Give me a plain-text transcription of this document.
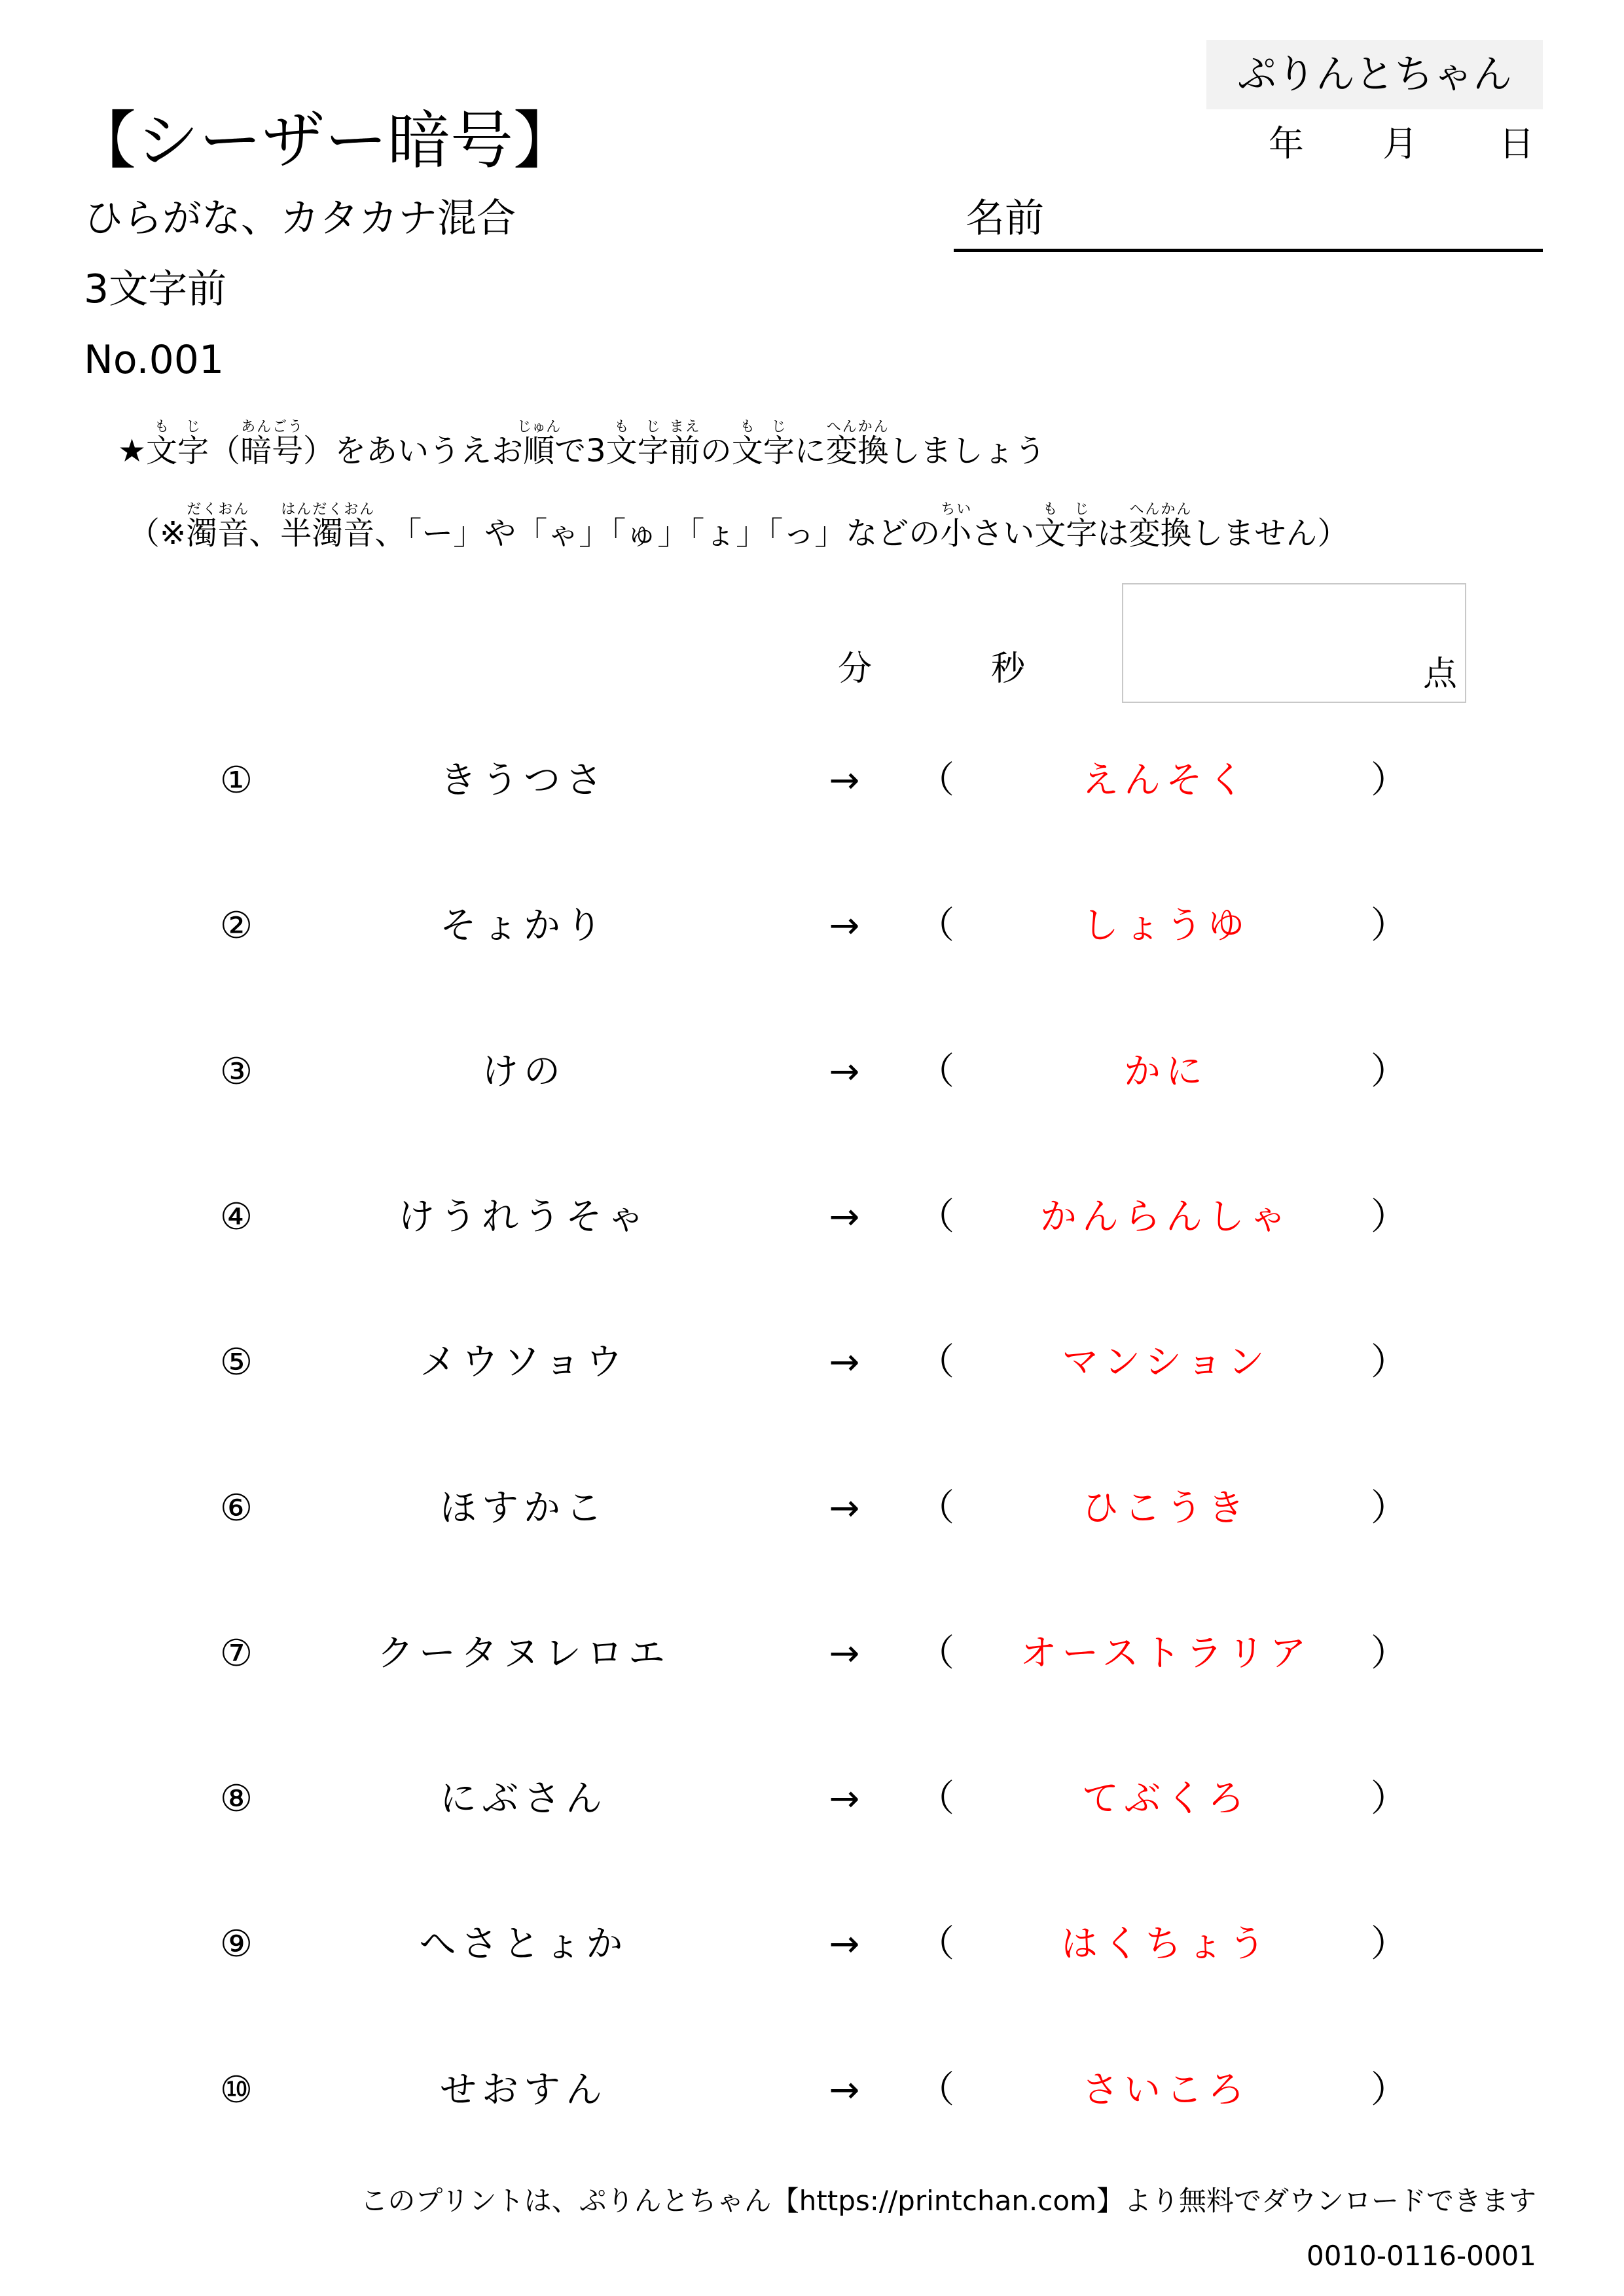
ぷりんとちゃん
【シーザー暗号】	年 月 日
ひらがな、カタカナ混合
3文字前
No.001
名前
★文字もじ（暗号あんごう）をあいうえお順じゅんで3文字もじ前まえの文字もじに変換へんかんしましょう
（※濁音だくおん、半濁音はんだくおん、「ー」や「ゃ」「ゅ」「ょ」「っ」などの小ちいさい文字もじは変換へんかんしません）
分	秒	点
①	きうつさ	→ （	えんそく	）
②	そょかり	→ （	しょうゆ	）
③	けの	→ （	かに	）
④	けうれうそゃ	→ （ かんらんしゃ ）
⑤	メウソョウ	→ （	マンション	）
⑥	ほすかこ	→ （	ひこうき	）
⑦	クータヌレロエ	→ （ オーストラリア ）
⑧	にぶさん	→ （	てぶくろ	）
⑨	へさとょか	→ （	はくちょう	）
⑩	せおすん	→ （	さいころ	）
このプリントは、ぷりんとちゃん【https://printchan.com】より無料でダウンロードできます
0010-0116-0001
